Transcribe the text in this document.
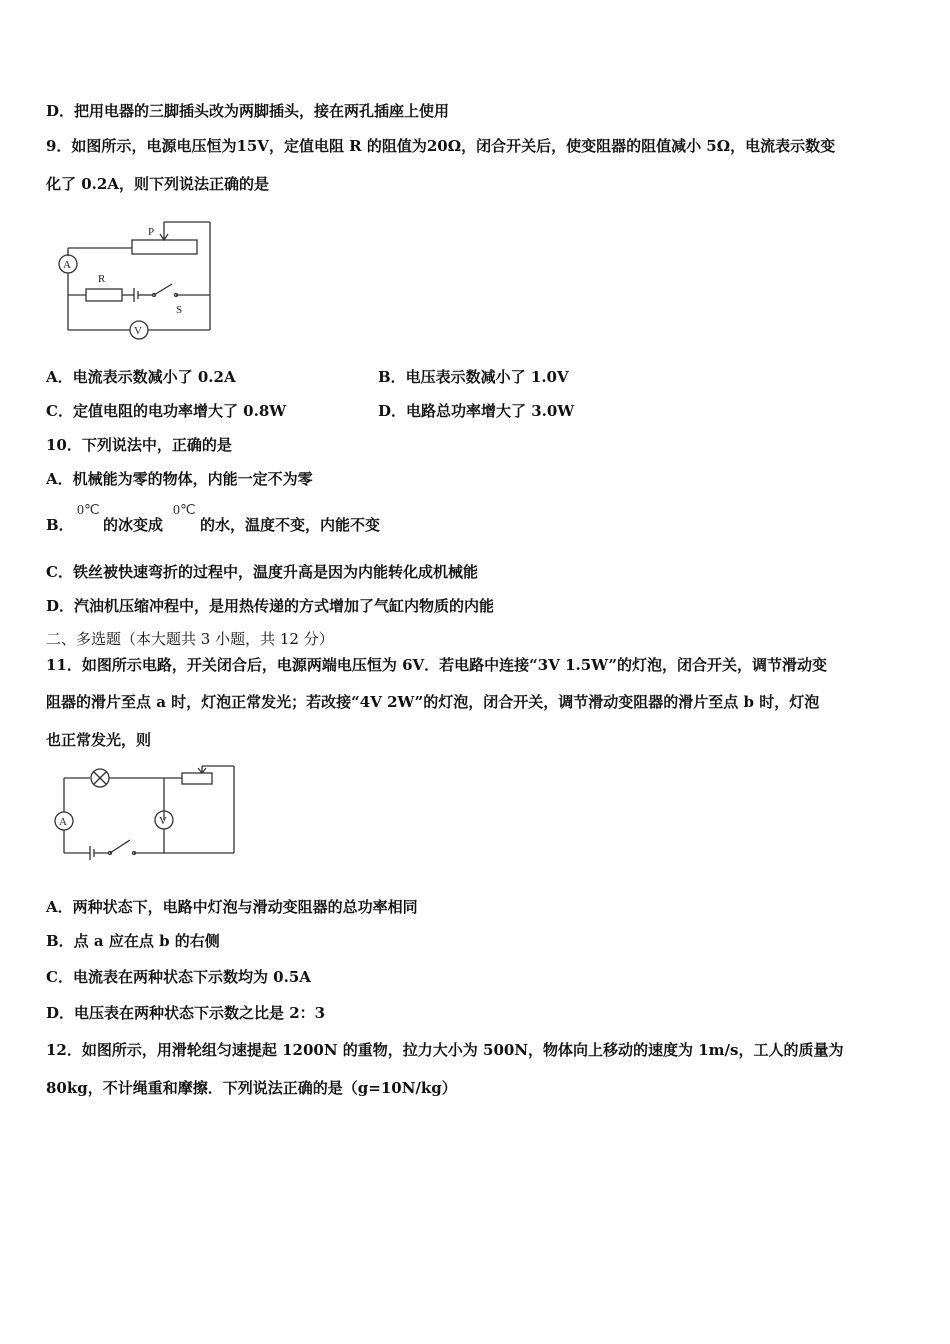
D．把用电器的三脚插头改为两脚插头，接在两孔插座上使用
9．如图所示，电源电压恒为15V，定值电阻 R 的阻值为20Ω，闭合开关后，使变阻器的阻值减小 5Ω，电流表示数变
化了 0.2A，则下列说法正确的是
P
A
R
S
V
A．电流表示数减小了 0.2A	B．电压表示数减小了 1.0V
C．定值电阻的电功率增大了 0.8W	D．电路总功率增大了 3.0W
10．下列说法中，正确的是
A．机械能为零的物体，内能一定不为零
B．
0℃
的冰变成
0℃
的水，温度不变，内能不变
C．铁丝被快速弯折的过程中，温度升高是因为内能转化成机械能
D．汽油机压缩冲程中，是用热传递的方式增加了气缸内物质的内能
二、多选题（本大题共 3 小题，共 12 分）
11．如图所示电路，开关闭合后，电源两端电压恒为 6V．若电路中连接“3V 1.5W”的灯泡，闭合开关，调节滑动变
阻器的滑片至点 a 时，灯泡正常发光；若改接“4V 2W”的灯泡，闭合开关，调节滑动变阻器的滑片至点 b 时，灯泡
也正常发光，则
A	V
A．两种状态下，电路中灯泡与滑动变阻器的总功率相同
B．点 a 应在点 b 的右侧
C．电流表在两种状态下示数均为 0.5A
D．电压表在两种状态下示数之比是 2：3
12．如图所示，用滑轮组匀速提起 1200N 的重物，拉力大小为 500N，物体向上移动的速度为 1m/s，工人的质量为
80kg，不计绳重和摩擦．下列说法正确的是（g=10N/kg）
